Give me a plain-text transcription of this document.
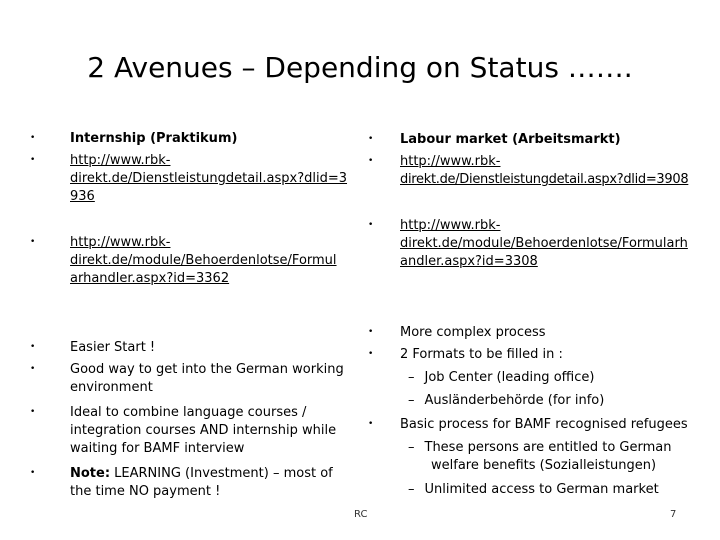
2 Avenues – Depending on Status …….
•	Internship (Praktikum)
•	http://www.rbk-
direkt.de/Dienstleistungdetail.aspx?dlid=3
936
•	http://www.rbk-
direkt.de/module/Behoerdenlotse/Formul
arhandler.aspx?id=3362
•	Easier Start !
•	Good way to get into the German working
environment
•	Ideal to combine language courses /
integration courses AND internship while
waiting for BAMF interview
•	Note: LEARNING (Investment) – most of
the time NO payment !
•	Labour market (Arbeitsmarkt)
•	http://www.rbk-
direkt.de/Dienstleistungdetail.aspx?dlid=3908
•	http://www.rbk-
direkt.de/module/Behoerdenlotse/Formularh
andler.aspx?id=3308
•	More complex process
•	2 Formats to be filled in :
– Job Center (leading office)
– Ausländerbehörde (for info)
•	Basic process for BAMF recognised refugees
– These persons are entitled to German
welfare benefits (Sozialleistungen)
– Unlimited access to German market
RC	7
